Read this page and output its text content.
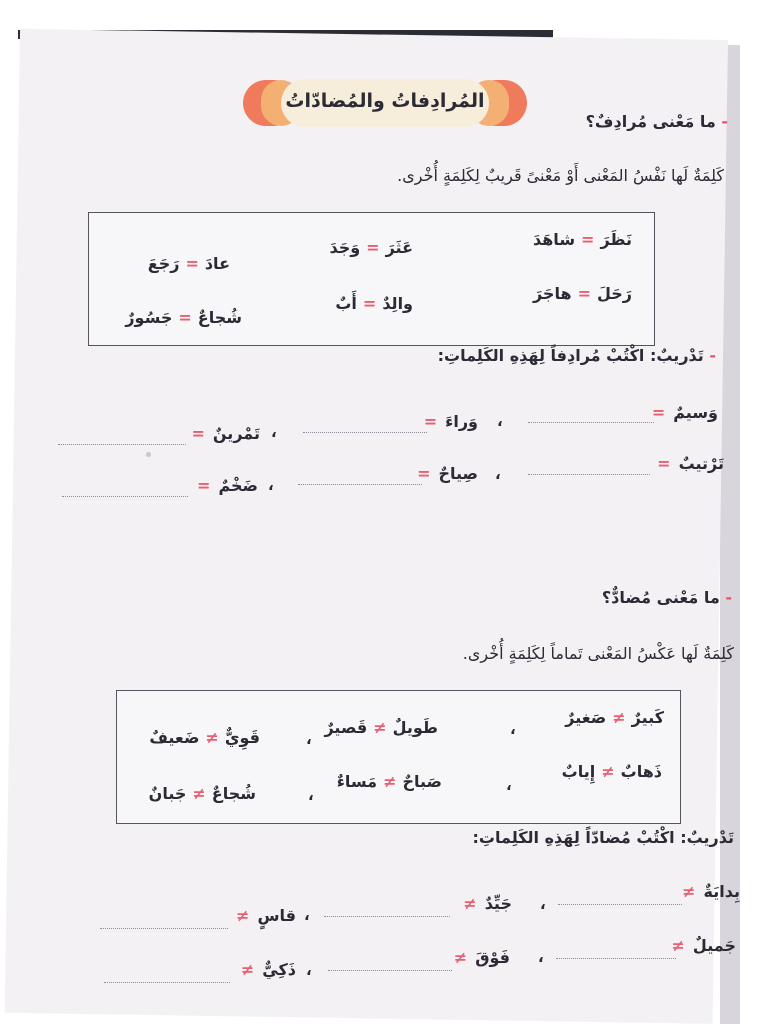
المُرادِفاتُ والمُضادّاتُ
- ما مَعْنى مُرادِفٌ؟
كَلِمَةٌ لَها نَفْسُ المَعْنى أَوْ مَعْنىً قَريبٌ لِكَلِمَةٍ أُخْرى.
نَظَرَ=شاهَدَ
عَثَرَ=وَجَدَ
عادَ=رَجَعَ
رَحَلَ=هاجَرَ
والِدٌ=أَبٌ
شُجاعٌ=جَسُورٌ
- تَدْريبٌ: اكْتُبْ مُرادِفاً لِهَذِهِ الكَلِماتِ:
وَسيمٌ=
،
وَراءَ=
،
تَمْرينٌ=
تَرْتيبٌ=
،
صِياحٌ=
،
ضَخْمٌ=
- ما مَعْنى مُضادٌّ؟
كَلِمَةٌ لَها عَكْسُ المَعْنى تَماماً لِكَلِمَةٍ أُخْرى.
كَبيرٌ≠صَغيرٌ
،
طَويلٌ≠قَصيرٌ
،
قَوِيٌّ≠ضَعيفٌ
ذَهابٌ≠إِيابٌ
،
صَباحٌ≠مَساءٌ
،
شُجاعٌ≠جَبانٌ
تَدْريبٌ: اكْتُبْ مُضادّاً لِهَذِهِ الكَلِماتِ:
بِدايَةٌ≠
،
جَيِّدٌ≠
،
قاسٍ≠
جَميلٌ≠
،
فَوْقَ≠
،
ذَكِيٌّ≠
